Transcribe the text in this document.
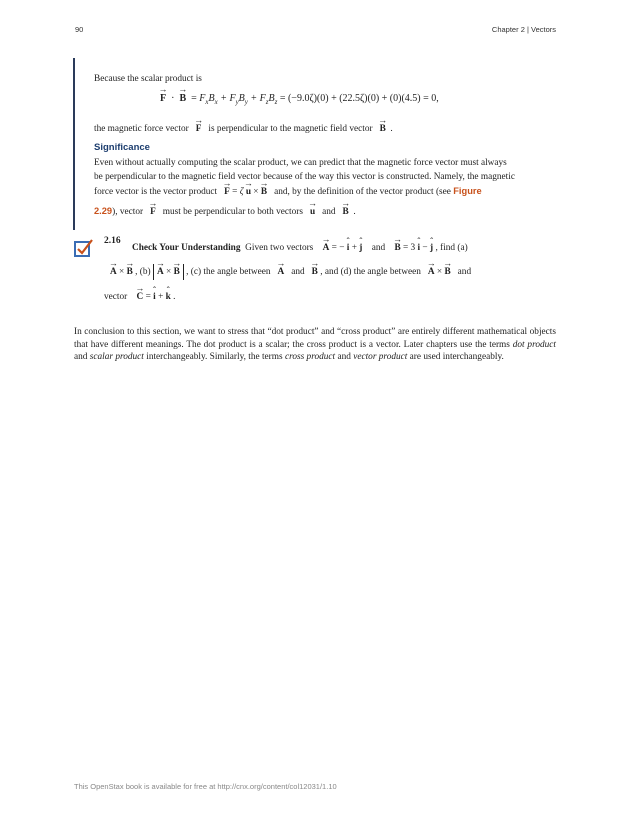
90	Chapter 2 | Vectors
Because the scalar product is
→ F  ·  → $B = F_xB_x + F_yB_y + F_zB_z = (-9.0\zeta)(0) + (22.5\zeta)(0) + (0)(4.5) = 0$,
the magnetic force vector → F is perpendicular to the magnetic field vector → B  .
Significance
Even without actually computing the scalar product, we can predict that the magnetic force vector must always
be perpendicular to the magnetic field vector because of the way this vector is constructed. Namely, the magnetic
force vector is the vector product → F = ζ → u × → B and, by the definition of the vector product (see Figure
2.29), vector → F must be perpendicular to both vectors → u and → B  .
2.16
Check Your Understanding Given two vectors → A = − ˆ i + ˆ j and → B = 3 ˆ i − ˆ j , find (a)
→ A × → B , (b) → A × → B , (c) the angle between → A and → B , and (d) the angle between → A × → B and
vector → C = ˆ i + ˆ k .
In conclusion to this section, we want to stress that “dot product” and “cross product” are entirely different mathematical objects that have different meanings. The dot product is a scalar; the cross product is a vector. Later chapters use the terms dot product and scalar product interchangeably. Similarly, the terms cross product and vector product are used interchangeably.
This OpenStax book is available for free at http://cnx.org/content/col12031/1.10
